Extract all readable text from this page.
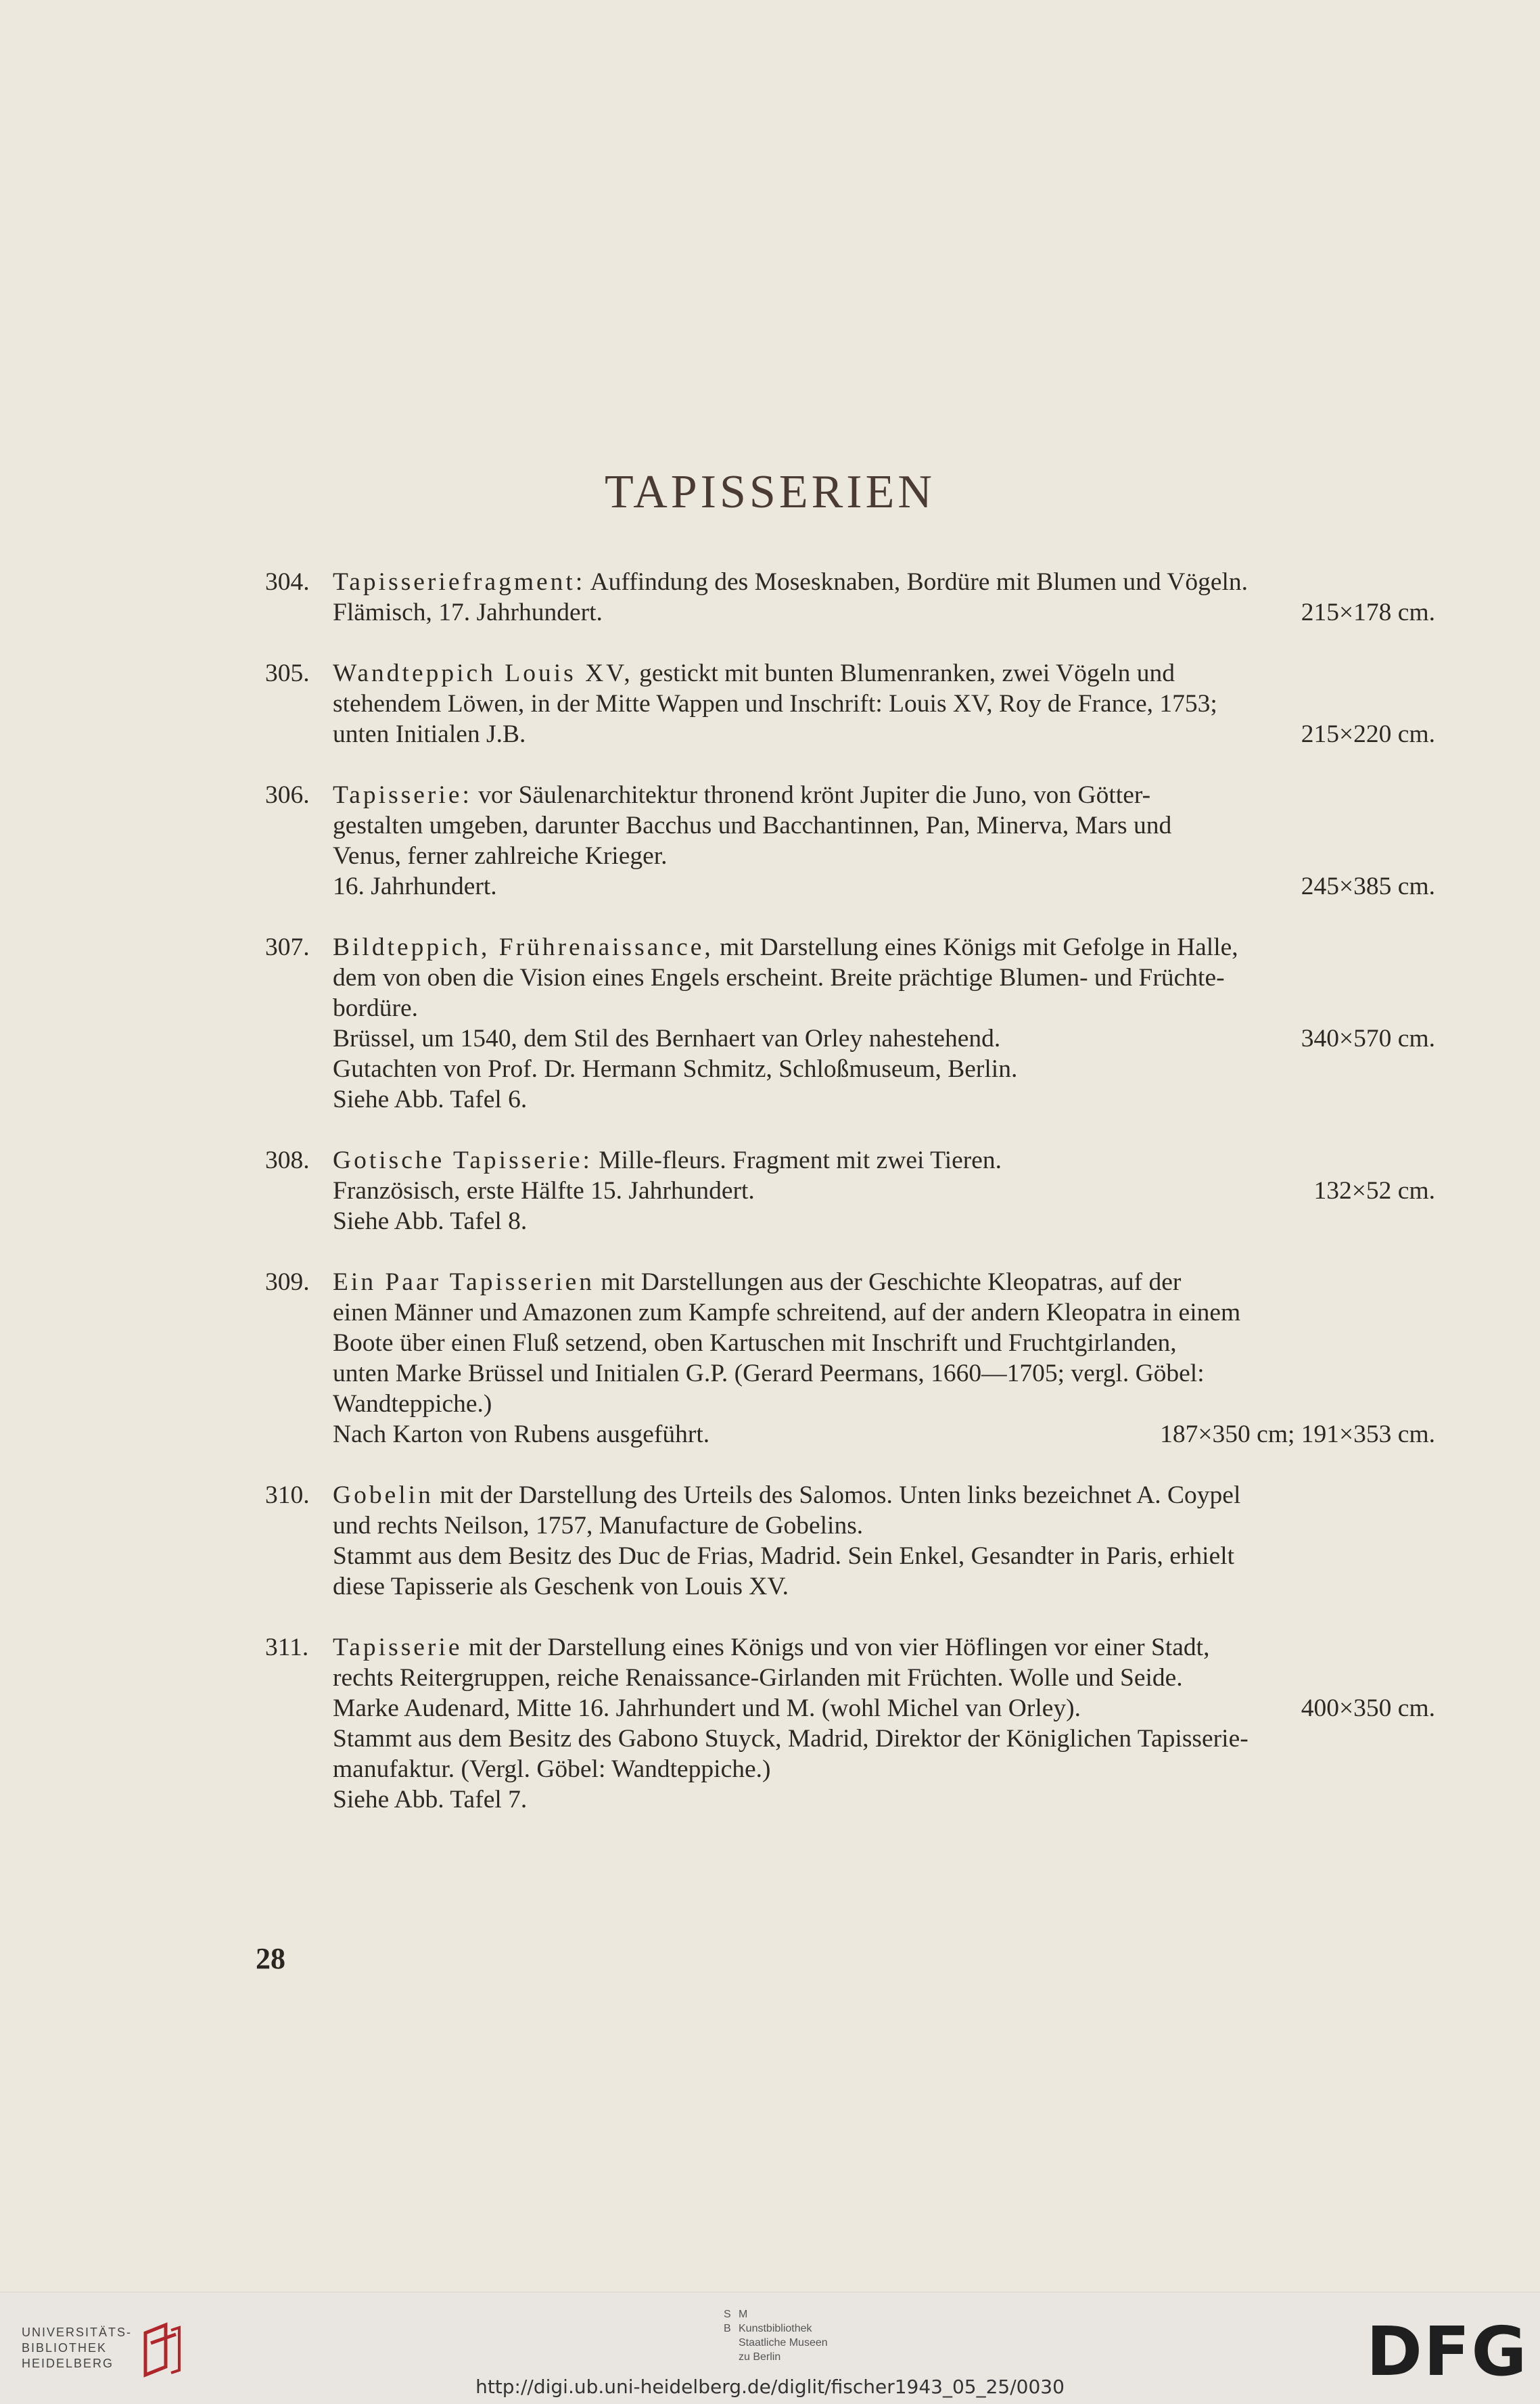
TAPISSERIEN
304. Tapisseriefragment: Auffindung des Mosesknaben, Bordüre mit Blumen und Vögeln.
Flämisch, 17. Jahrhundert.	215×178 cm.
305. Wandteppich Louis XV, gestickt mit bunten Blumenranken, zwei Vögeln und
stehendem Löwen, in der Mitte Wappen und Inschrift: Louis XV, Roy de France, 1753;
unten Initialen J.B.	215×220 cm.
306. Tapisserie: vor Säulenarchitektur thronend krönt Jupiter die Juno, von Götter-
gestalten umgeben, darunter Bacchus und Bacchantinnen, Pan, Minerva, Mars und
Venus, ferner zahlreiche Krieger.
16. Jahrhundert.	245×385 cm.
307. Bildteppich, Frührenaissance, mit Darstellung eines Königs mit Gefolge in Halle,
dem von oben die Vision eines Engels erscheint. Breite prächtige Blumen- und Früchte-
bordüre.
Brüssel, um 1540, dem Stil des Bernhaert van Orley nahestehend.	340×570 cm.
Gutachten von Prof. Dr. Hermann Schmitz, Schloßmuseum, Berlin.
Siehe Abb. Tafel 6.
308. Gotische Tapisserie: Mille-fleurs. Fragment mit zwei Tieren.
Französisch, erste Hälfte 15. Jahrhundert.	132×52 cm.
Siehe Abb. Tafel 8.
309. Ein Paar Tapisserien mit Darstellungen aus der Geschichte Kleopatras, auf der
einen Männer und Amazonen zum Kampfe schreitend, auf der andern Kleopatra in einem
Boote über einen Fluß setzend, oben Kartuschen mit Inschrift und Fruchtgirlanden,
unten Marke Brüssel und Initialen G.P. (Gerard Peermans, 1660—1705; vergl. Göbel:
Wandteppiche.)
Nach Karton von Rubens ausgeführt.	187×350 cm; 191×353 cm.
310. Gobelin mit der Darstellung des Urteils des Salomos. Unten links bezeichnet A. Coypel
und rechts Neilson, 1757, Manufacture de Gobelins.
Stammt aus dem Besitz des Duc de Frias, Madrid. Sein Enkel, Gesandter in Paris, erhielt
diese Tapisserie als Geschenk von Louis XV.
311. Tapisserie mit der Darstellung eines Königs und von vier Höflingen vor einer Stadt,
rechts Reitergruppen, reiche Renaissance-Girlanden mit Früchten. Wolle und Seide.
Marke Audenard, Mitte 16. Jahrhundert und M. (wohl Michel van Orley).	400×350 cm.
Stammt aus dem Besitz des Gabono Stuyck, Madrid, Direktor der Königlichen Tapisserie-
manufaktur. (Vergl. Göbel: Wandteppiche.)
Siehe Abb. Tafel 7.
28
UNIVERSITÄTS-
BIBLIOTHEK
HEIDELBERG
S M
B Kunstbibliothek
Staatliche Museen
zu Berlin	DFG
http://digi.ub.uni-heidelberg.de/diglit/fischer1943_05_25/0030
